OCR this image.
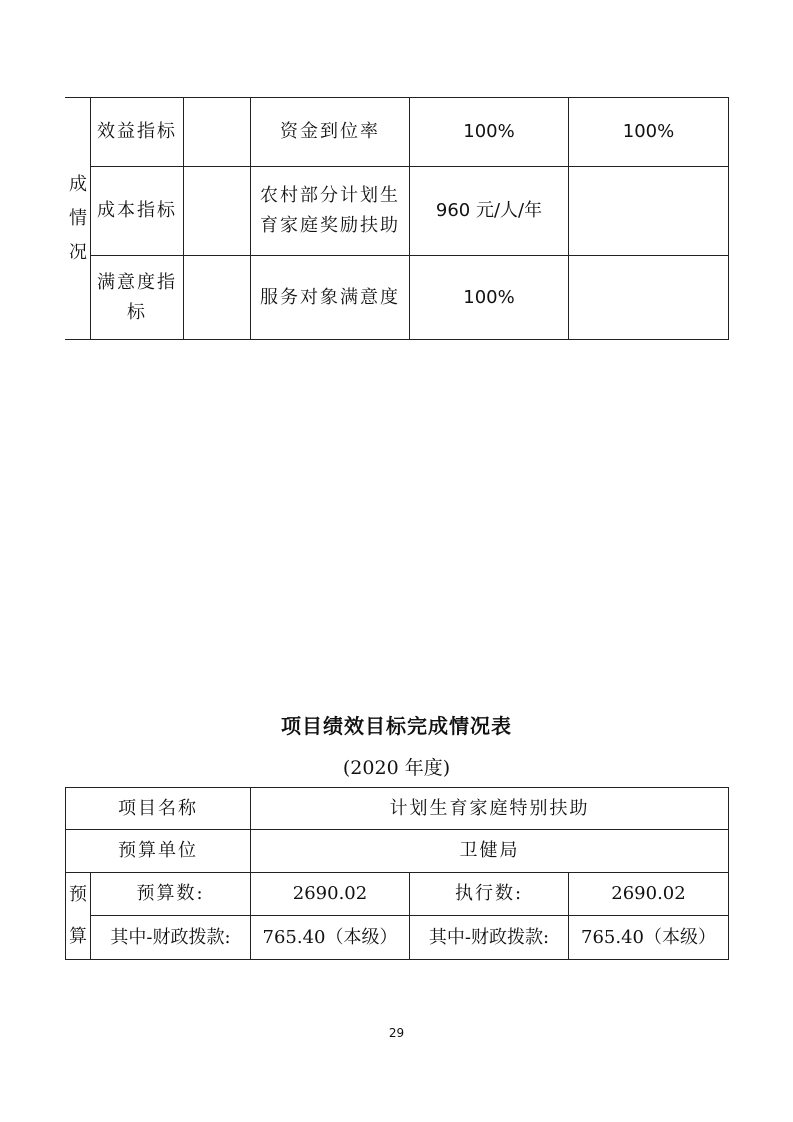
成情况	效益指标		资金到位率	100%	100%
	成本指标		农村部分计划生育家庭奖励扶助	960 元/人/年	

	满意度指标		服务对象满意度	100%	
项目绩效目标完成情况表
(2020 年度)
项目名称		计划生育家庭特别扶助		
预算单位		卫健局		

预算	预算数:	2690.02	执行数:	2690.02
	其中-财政拨款:	765.40（本级）	其中-财政拨款:	765.40（本级）
29
